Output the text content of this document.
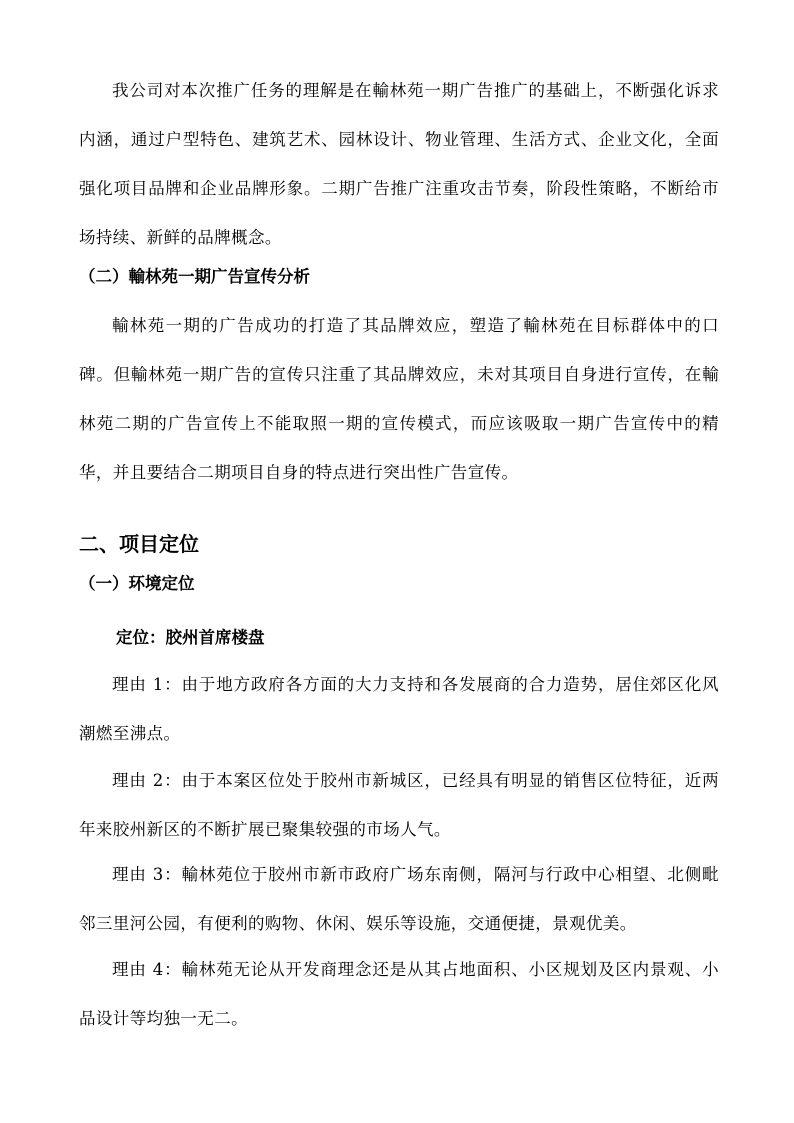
我公司对本次推广任务的理解是在輸林苑一期广告推广的基础上，不断强化诉求内涵，通过户型特色、建筑艺术、园林设计、物业管理、生活方式、企业文化，全面强化项目品牌和企业品牌形象。二期广告推广注重攻击节奏，阶段性策略，不断给市场持续、新鲜的品牌概念。

（二）輸林苑一期广告宣传分析

輸林苑一期的广告成功的打造了其品牌效应，塑造了輸林苑在目标群体中的口碑。但輸林苑一期广告的宣传只注重了其品牌效应，未对其项目自身进行宣传，在輸林苑二期的广告宣传上不能取照一期的宣传模式，而应该吸取一期广告宣传中的精华，并且要结合二期项目自身的特点进行突出性广告宣传。

二、项目定位
（一）环境定位
定位：胶州首席楼盘

理由 1：由于地方政府各方面的大力支持和各发展商的合力造势，居住郊区化风潮燃至沸点。

理由 2：由于本案区位处于胶州市新城区，已经具有明显的销售区位特征，近两年来胶州新区的不断扩展已聚集较强的市场人气。

理由 3：輸林苑位于胶州市新市政府广场东南侧，隔河与行政中心相望、北侧毗邻三里河公园，有便利的购物、休闲、娱乐等设施，交通便捷，景观优美。

理由 4：輸林苑无论从开发商理念还是从其占地面积、小区规划及区内景观、小品设计等均独一无二。
